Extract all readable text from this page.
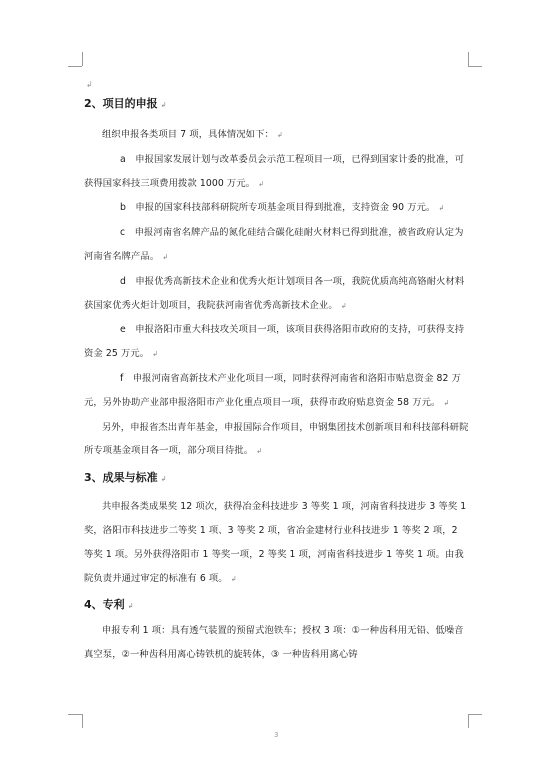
↲
2、项目的申报 ↲

组织申报各类项目 7 项，具体情况如下： ↲

a　申报国家发展计划与改革委员会示范工程项目一项，已得到国家计委的批准，可获得国家科技三项费用拨款 1000 万元。 ↲

b　申报的国家科技部科研院所专项基金项目得到批准，支持资金 90 万元。 ↲

c　申报河南省名牌产品的氮化硅结合碳化硅耐火材料已得到批准，被省政府认定为河南省名牌产品。 ↲

d　申报优秀高新技术企业和优秀火炬计划项目各一项，我院优质高纯高铬耐火材料获国家优秀火炬计划项目，我院获河南省优秀高新技术企业。 ↲

e　申报洛阳市重大科技攻关项目一项，该项目获得洛阳市政府的支持，可获得支持资金 25 万元。 ↲

f　申报河南省高新技术产业化项目一项，同时获得河南省和洛阳市贴息资金 82 万元，另外协助产业部申报洛阳市产业化重点项目一项，获得市政府贴息资金 58 万元。 ↲

另外，申报省杰出青年基金，申报国际合作项目，申钢集团技术创新项目和科技部科研院所专项基金项目各一项，部分项目待批。 ↲

3、成果与标准 ↲

共申报各类成果奖 12 项次，获得冶金科技进步 3 等奖 1 项，河南省科技进步 3 等奖 1 奖，洛阳市科技进步二等奖 1 项、3 等奖 2 项，省冶金建材行业科技进步 1 等奖 2 项，2 等奖 1 项。另外获得洛阳市 1 等奖一项，2 等奖 1 项，河南省科技进步 1 等奖 1 项。由我院负责并通过审定的标准有 6 项。 ↲

4、专利 ↲

申报专利 1 项：具有透气装置的预留式泡铁车；授权 3 项：①一种齿科用无铅、低噪音真空泵，②一种齿科用离心铸铁机的旋转体，③ 一种齿科用离心铸

3
